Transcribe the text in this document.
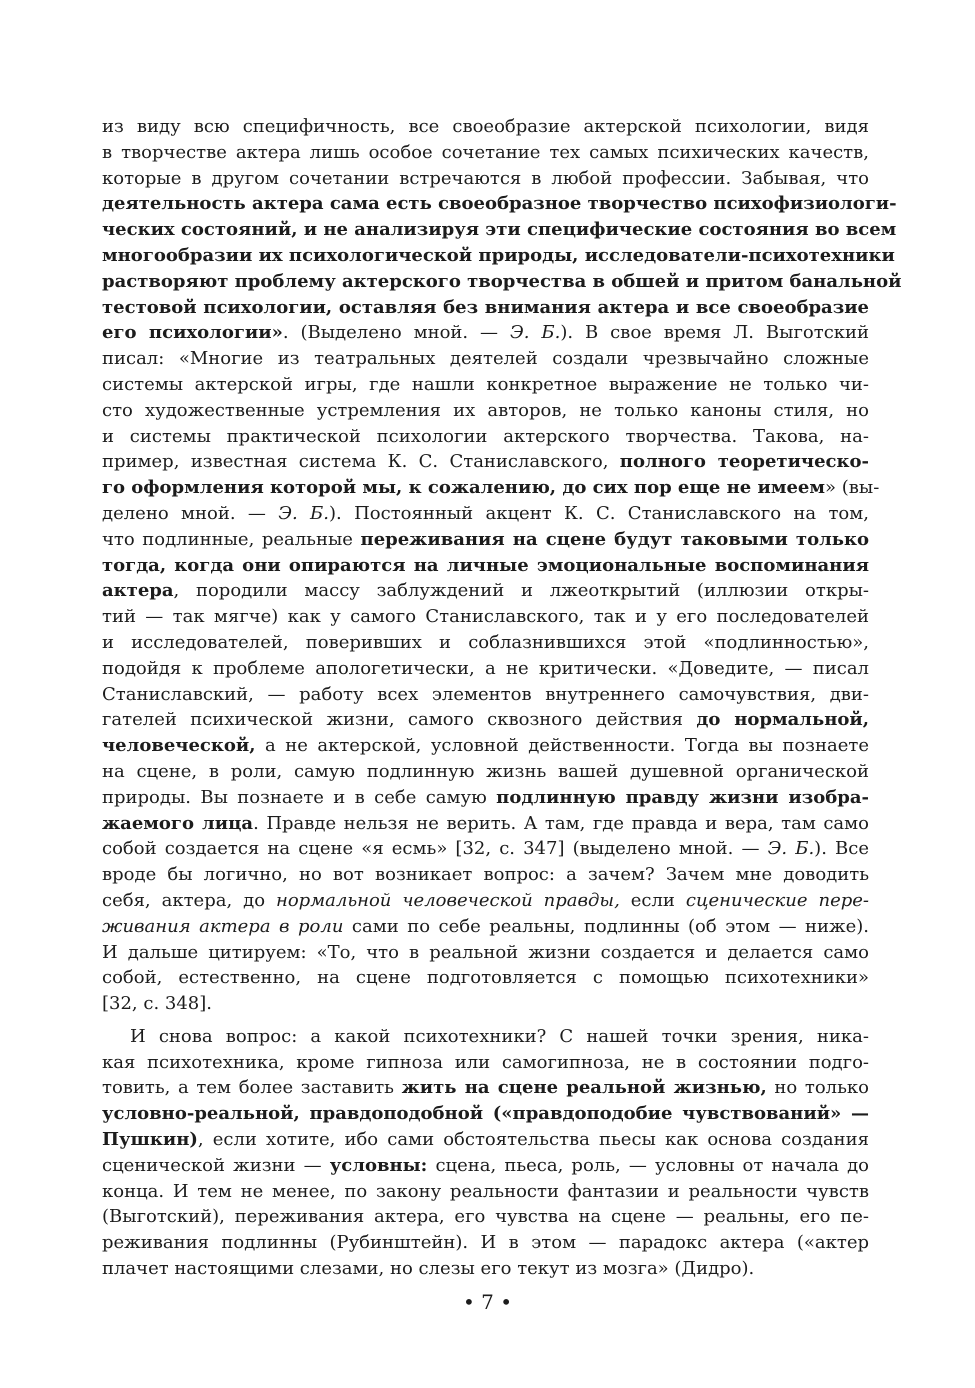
из виду всю специфичность, все своеобразие актерской психологии, видя
в творчестве актера лишь особое сочетание тех самых психических качеств,
которые в другом сочетании встречаются в любой профессии. Забывая, что
деятельность актера сама есть своеобразное творчество психофизиологи-
ческих состояний, и не анализируя эти специфические состояния во всем
многообразии их психологической природы, исследователи-психотехники
растворяют проблему актерского творчества в обшей и притом банальной
тестовой психологии, оставляя без внимания актера и все своеобразие
его психологии». (Выделено мной. — Э. Б.). В свое время Л. Выготский
писал: «Многие из театральных деятелей создали чрезвычайно сложные
системы актерской игры, где нашли конкретное выражение не только чи-
сто художественные устремления их авторов, не только каноны стиля, но
и системы практической психологии актерского творчества. Такова, на-
пример, известная система К. С. Станиславского, полного теоретическо-
го оформления которой мы, к сожалению, до сих пор еще не имеем» (вы-
делено мной. — Э. Б.). Постоянный акцент К. С. Станиславского на том,
что подлинные, реальные переживания на сцене будут таковыми только
тогда, когда они опираются на личные эмоциональные воспоминания
актера, породили массу заблуждений и лжеоткрытий (иллюзии откры-
тий — так мягче) как у самого Станиславского, так и у его последователей
и исследователей, поверивших и соблазнившихся этой «подлинностью»,
подойдя к проблеме апологетически, а не критически. «Доведите, — писал
Станиславский, — работу всех элементов внутреннего самочувствия, дви-
гателей психической жизни, самого сквозного действия до нормальной,
человеческой, а не актерской, условной действенности. Тогда вы познаете
на сцене, в роли, самую подлинную жизнь вашей душевной органической
природы. Вы познаете и в себе самую подлинную правду жизни изобра-
жаемого лица. Правде нельзя не верить. А там, где правда и вера, там само
собой создается на сцене «я есмь» [32, с. 347] (выделено мной. — Э. Б.). Все
вроде бы логично, но вот возникает вопрос: а зачем? Зачем мне доводить
себя, актера, до нормальной человеческой правды, если сценические пере-
живания актера в роли сами по себе реальны, подлинны (об этом — ниже).
И дальше цитируем: «То, что в реальной жизни создается и делается само
собой, естественно, на сцене подготовляется с помощью психотехники»
[32, с. 348].
И снова вопрос: а какой психотехники? С нашей точки зрения, ника-
кая психотехника, кроме гипноза или самогипноза, не в состоянии подго-
товить, а тем более заставить жить на сцене реальной жизнью, но только
условно-реальной, правдоподобной («правдоподобие чувствований» —
Пушкин), если хотите, ибо сами обстоятельства пьесы как основа создания
сценической жизни — условны: сцена, пьеса, роль, — условны от начала до
конца. И тем не менее, по закону реальности фантазии и реальности чувств
(Выготский), переживания актера, его чувства на сцене — реальны, его пе-
реживания подлинны (Рубинштейн). И в этом — парадокс актера («актер
плачет настоящими слезами, но слезы его текут из мозга» (Дидро).
• 7 •
